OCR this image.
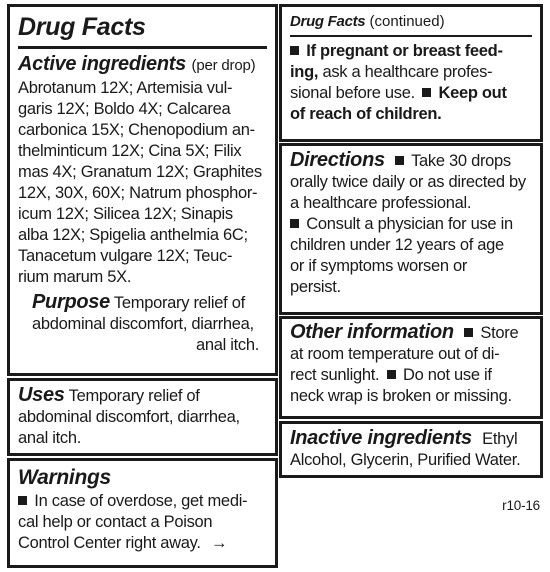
Drug Facts
Active ingredients (per drop)
Abrotanum 12X; Artemisia vul-
garis 12X; Boldo 4X; Calcarea
carbonica 15X; Chenopodium an-
thelminticum 12X; Cina 5X; Filix
mas 4X; Granatum 12X; Graphites
12X, 30X, 60X; Natrum phosphor-
icum 12X; Silicea 12X; Sinapis
alba 12X; Spigelia anthelmia 6C;
Tanacetum vulgare 12X; Teuc-
rium marum 5X.
Purpose Temporary relief of
abdominal discomfort, diarrhea,
anal itch.
Uses Temporary relief of
abdominal discomfort, diarrhea,
anal itch.
Warnings
In case of overdose, get medi-
cal help or contact a Poison
Control Center right away. →
Drug Facts (continued)
If pregnant or breast feed-
ing, ask a healthcare profes-
sional before use. Keep out
of reach of children.
Directions Take 30 drops
orally twice daily or as directed by
a healthcare professional.
Consult a physician for use in
children under 12 years of age
or if symptoms worsen or
persist.
Other information Store
at room temperature out of di-
rect sunlight. Do not use if
neck wrap is broken or missing.
Inactive ingredients Ethyl
Alcohol, Glycerin, Purified Water.
r10-16
